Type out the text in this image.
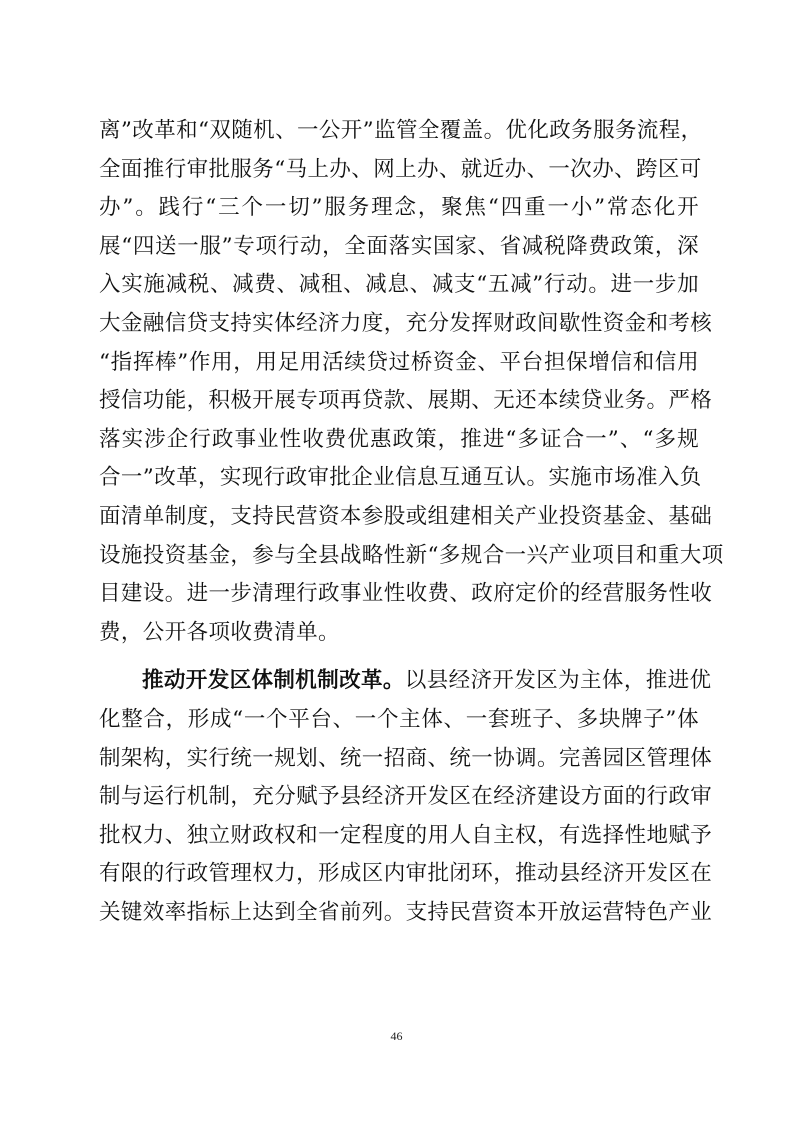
离”改革和“双随机、一公开”监管全覆盖。优化政务服务流程，
全面推行审批服务“马上办、网上办、就近办、一次办、跨区可
办”。践行“三个一切”服务理念，聚焦“四重一小”常态化开
展“四送一服”专项行动，全面落实国家、省减税降费政策，深
入实施减税、减费、减租、减息、减支“五减”行动。进一步加
大金融信贷支持实体经济力度，充分发挥财政间歇性资金和考核
“指挥棒”作用，用足用活续贷过桥资金、平台担保增信和信用
授信功能，积极开展专项再贷款、展期、无还本续贷业务。严格
落实涉企行政事业性收费优惠政策，推进“多证合一”、“多规
合一”改革，实现行政审批企业信息互通互认。实施市场准入负
面清单制度，支持民营资本参股或组建相关产业投资基金、基础
设施投资基金，参与全县战略性新“多规合一兴产业项目和重大项
目建设。进一步清理行政事业性收费、政府定价的经营服务性收
费，公开各项收费清单。
推动开发区体制机制改革。以县经济开发区为主体，推进优
化整合，形成“一个平台、一个主体、一套班子、多块牌子”体
制架构，实行统一规划、统一招商、统一协调。完善园区管理体
制与运行机制，充分赋予县经济开发区在经济建设方面的行政审
批权力、独立财政权和一定程度的用人自主权，有选择性地赋予
有限的行政管理权力，形成区内审批闭环，推动县经济开发区在
关键效率指标上达到全省前列。支持民营资本开放运营特色产业
46
